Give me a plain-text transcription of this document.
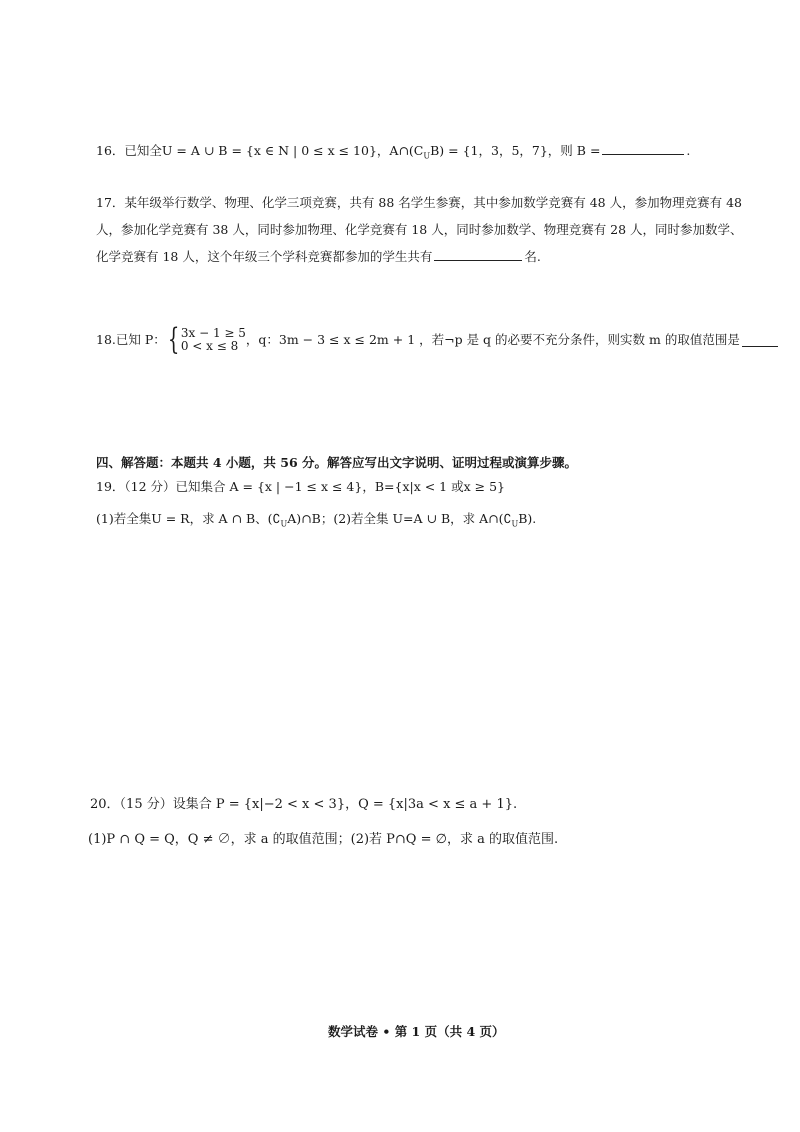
16．已知全U = A ∪ B = {x ∈ N | 0 ≤ x ≤ 10}，$A\cap(C_UB) = \{1$，3，5，7}，则 B =	.
17．某年级举行数学、物理、化学三项竞赛，共有 88 名学生参赛，其中参加数学竞赛有 48 人，参加物理竞赛有 48
人，参加化学竞赛有 38 人，同时参加物理、化学竞赛有 18 人，同时参加数学、物理竞赛有 28 人，同时参加数学、
化学竞赛有 18 人，这个年级三个学科竞赛都参加的学生共有	名.
18.已知 P：{ 3x − 1 ≥ 5
0 < x ≤ 8 ，q：3m − 3 ≤ x ≤ 2m + 1 ，若¬p 是 q 的必要不充分条件，则实数 m 的取值范围是
四、解答题：本题共 4 小题，共 56 分。解答应写出文字说明、证明过程或演算步骤。
19．（12 分）已知集合 A = {x | −1 ≤ x ≤ 4}，B={x|x < 1 或x ≥ 5}
(1)若全集U = R，求 A ∩ B、$(∁_UA)\cap B$；(2)若全集 U=A ∪ B，求 $A\cap(∁_UB)$.
20．（15 分）设集合 P = {x|−2 < x < 3}，Q = {x|3a < x ≤ a + 1}.
(1)P ∩ Q = Q，Q ≠ ∅，求 a 的取值范围；(2)若 P∩Q = ∅，求 a 的取值范围.
数学试卷 • 第 1 页（共 4 页）
